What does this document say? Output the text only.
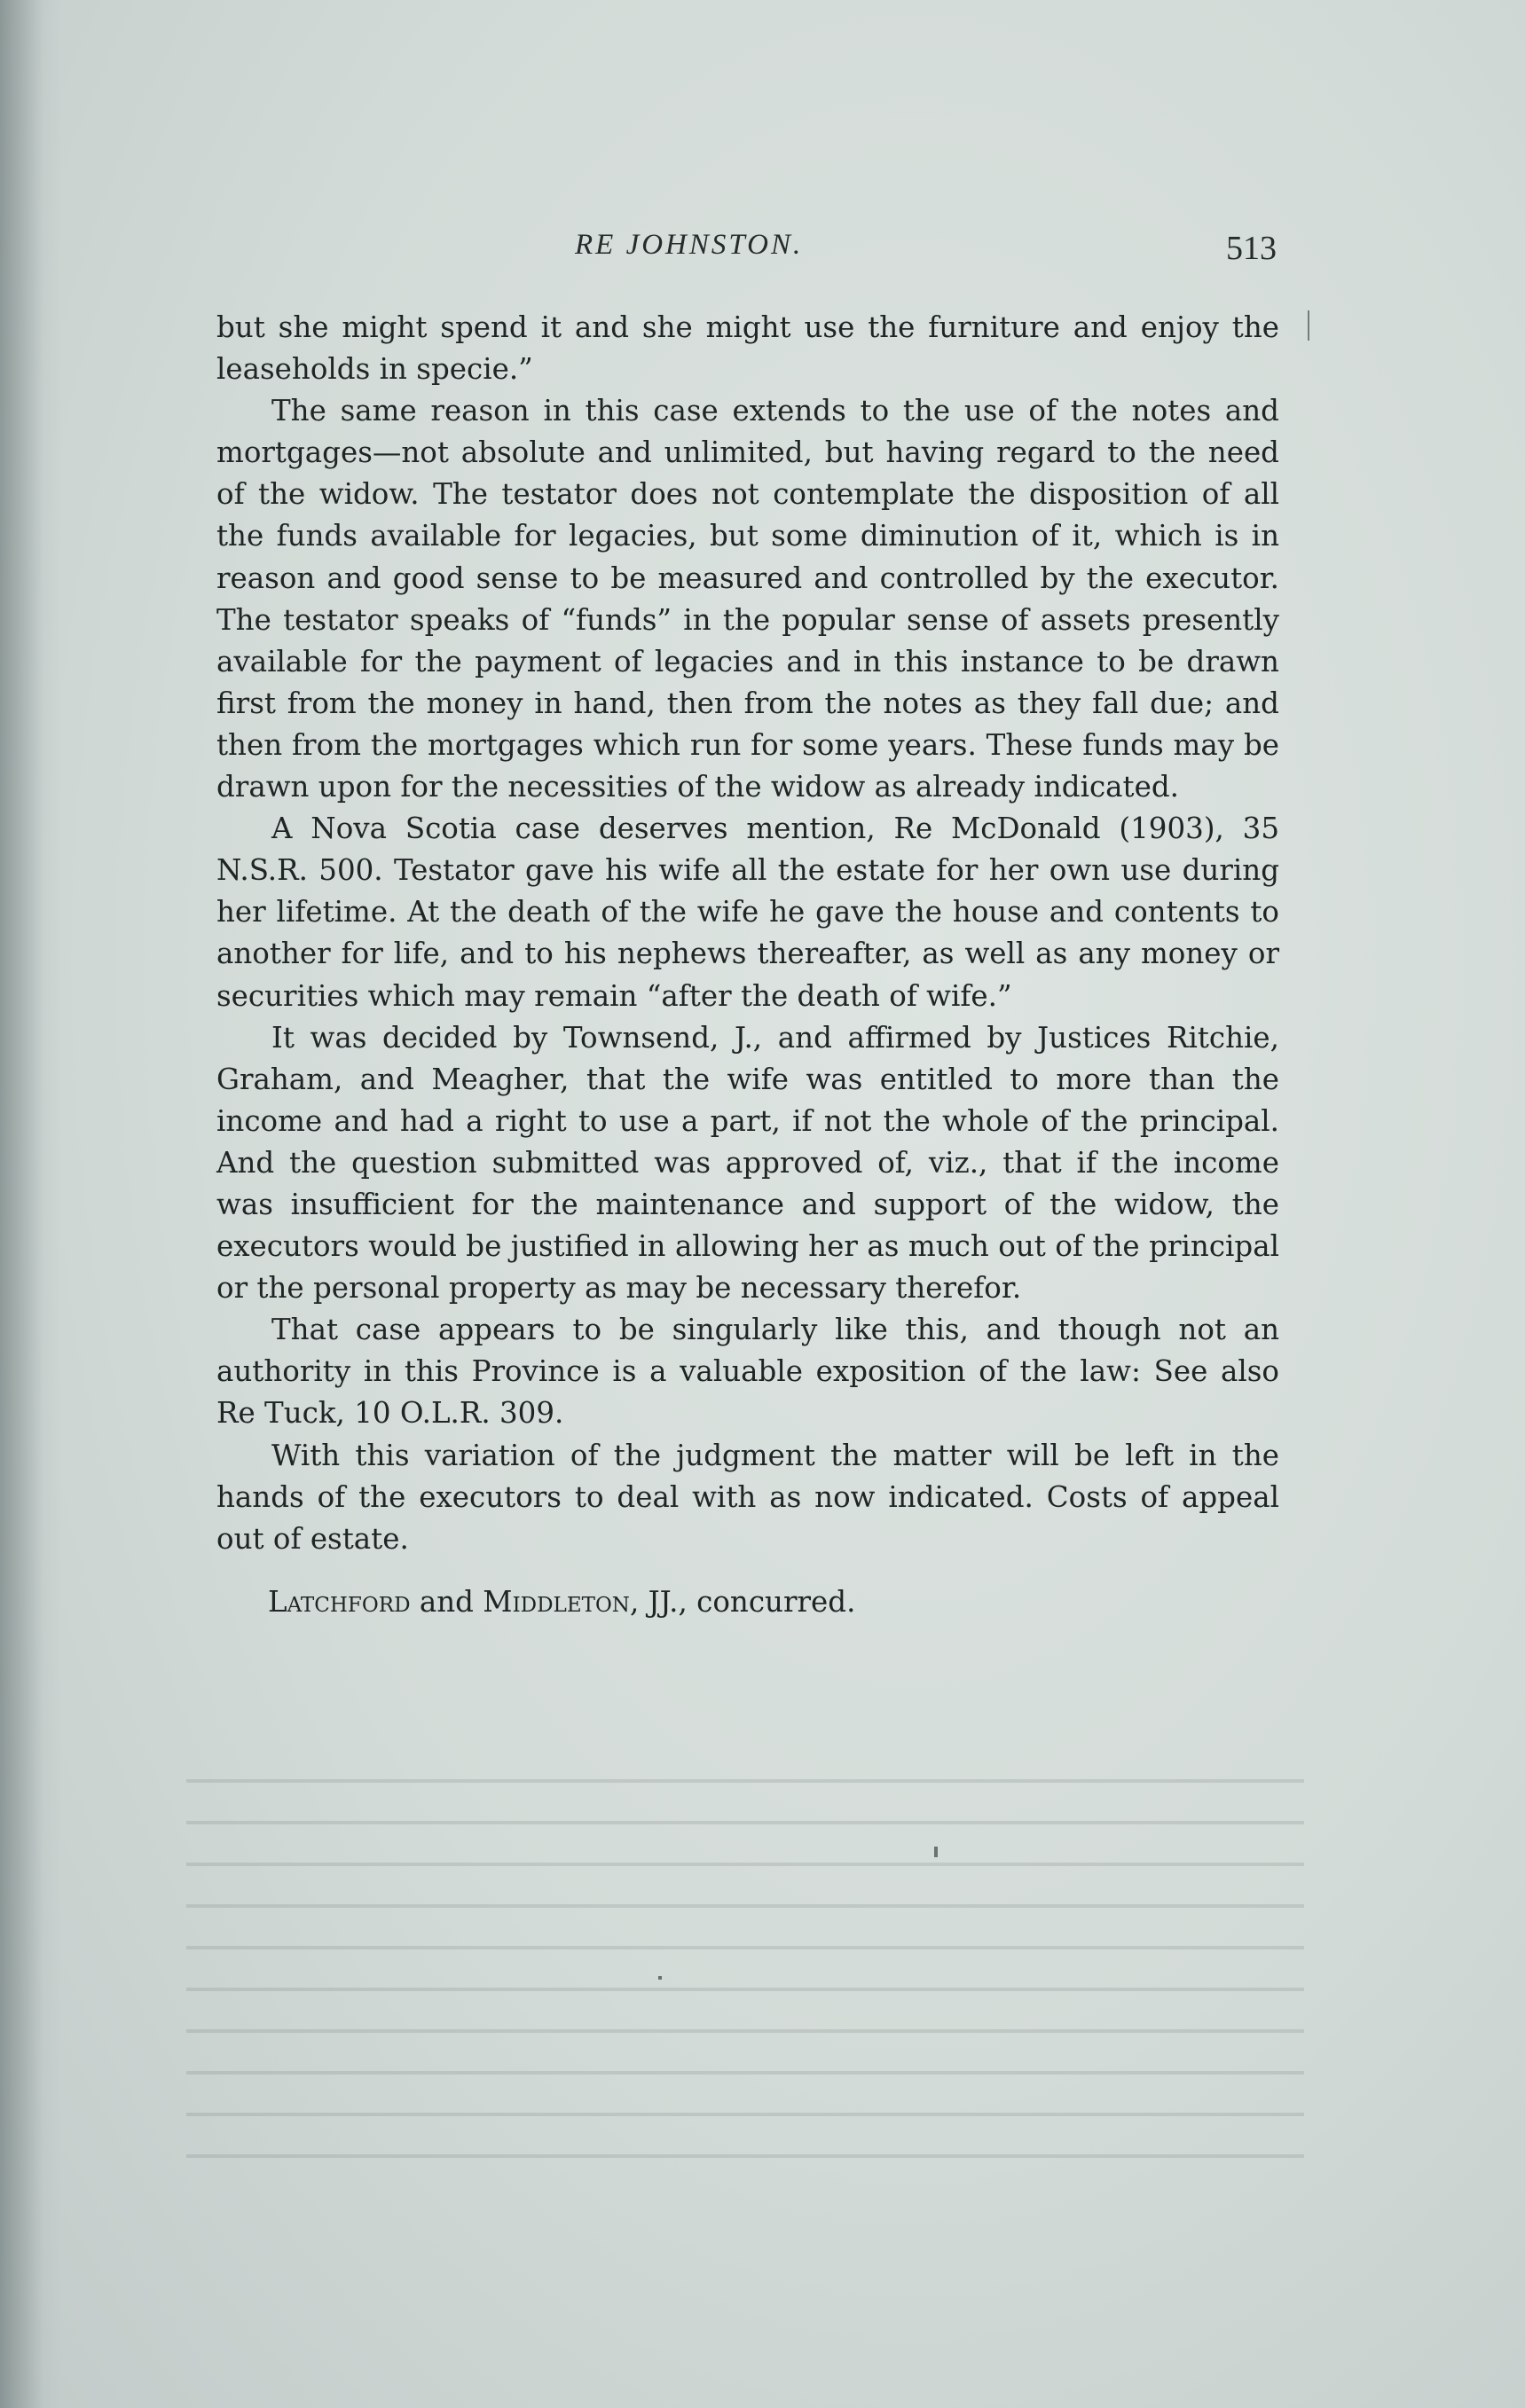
RE JOHNSTON.	513

but she might spend it and she might use the furniture and enjoy the leaseholds in specie.”

The same reason in this case extends to the use of the notes and mortgages—not absolute and unlimited, but having regard to the need of the widow. The testator does not contemplate the disposition of all the funds available for legacies, but some diminution of it, which is in reason and good sense to be measured and controlled by the executor. The testator speaks of “funds” in the popular sense of assets presently available for the payment of legacies and in this instance to be drawn first from the money in hand, then from the notes as they fall due; and then from the mortgages which run for some years. These funds may be drawn upon for the necessities of the widow as already indicated.

A Nova Scotia case deserves mention, Re McDonald (1903), 35 N.S.R. 500. Testator gave his wife all the estate for her own use during her lifetime. At the death of the wife he gave the house and contents to another for life, and to his nephews thereafter, as well as any money or securities which may remain “after the death of wife.”

It was decided by Townsend, J., and affirmed by Justices Ritchie, Graham, and Meagher, that the wife was entitled to more than the income and had a right to use a part, if not the whole of the principal. And the question submitted was approved of, viz., that if the income was insufficient for the maintenance and support of the widow, the executors would be justified in allowing her as much out of the principal or the personal property as may be necessary therefor.

That case appears to be singularly like this, and though not an authority in this Province is a valuable exposition of the law: See also Re Tuck, 10 O.L.R. 309.

With this variation of the judgment the matter will be left in the hands of the executors to deal with as now indicated. Costs of appeal out of estate.

Latchford and Middleton, JJ., concurred.
